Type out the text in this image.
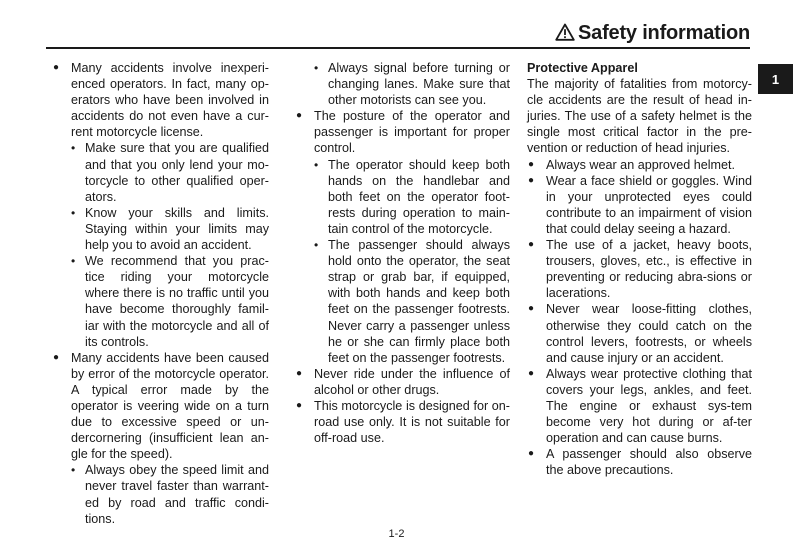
Safety information
1
● Many accidents involve inexperi-enced operators. In fact, many op-erators who have been involved in accidents do not even have a cur-rent motorcycle license.
• Make sure that you are qualified and that you only lend your mo-torcycle to other qualified oper-ators.
• Know your skills and limits. Staying within your limits may help you to avoid an accident.
• We recommend that you prac-tice riding your motorcycle where there is no traffic until you have become thoroughly famil-iar with the motorcycle and all of its controls.
● Many accidents have been caused by error of the motorcycle operator. A typical error made by the operator is veering wide on a turn due to excessive speed or un-dercornering (insufficient lean an-gle for the speed).
• Always obey the speed limit and never travel faster than warrant-ed by road and traffic condi-tions.
• Always signal before turning or changing lanes. Make sure that other motorists can see you.
● The posture of the operator and passenger is important for proper control.
• The operator should keep both hands on the handlebar and both feet on the operator foot-rests during operation to main-tain control of the motorcycle.
• The passenger should always hold onto the operator, the seat strap or grab bar, if equipped, with both hands and keep both feet on the passenger footrests. Never carry a passenger unless he or she can firmly place both feet on the passenger footrests.
● Never ride under the influence of alcohol or other drugs.
● This motorcycle is designed for on-road use only. It is not suitable for off-road use.
Protective Apparel
The majority of fatalities from motorcy-cle accidents are the result of head in-juries. The use of a safety helmet is the single most critical factor in the pre-vention or reduction of head injuries.
● Always wear an approved helmet.
● Wear a face shield or goggles. Wind in your unprotected eyes could contribute to an impairment of vision that could delay seeing a hazard.
● The use of a jacket, heavy boots, trousers, gloves, etc., is effective in preventing or reducing abra-sions or lacerations.
● Never wear loose-fitting clothes, otherwise they could catch on the control levers, footrests, or wheels and cause injury or an accident.
● Always wear protective clothing that covers your legs, ankles, and feet. The engine or exhaust sys-tem become very hot during or af-ter operation and can cause burns.
● A passenger should also observe the above precautions.
1-2
